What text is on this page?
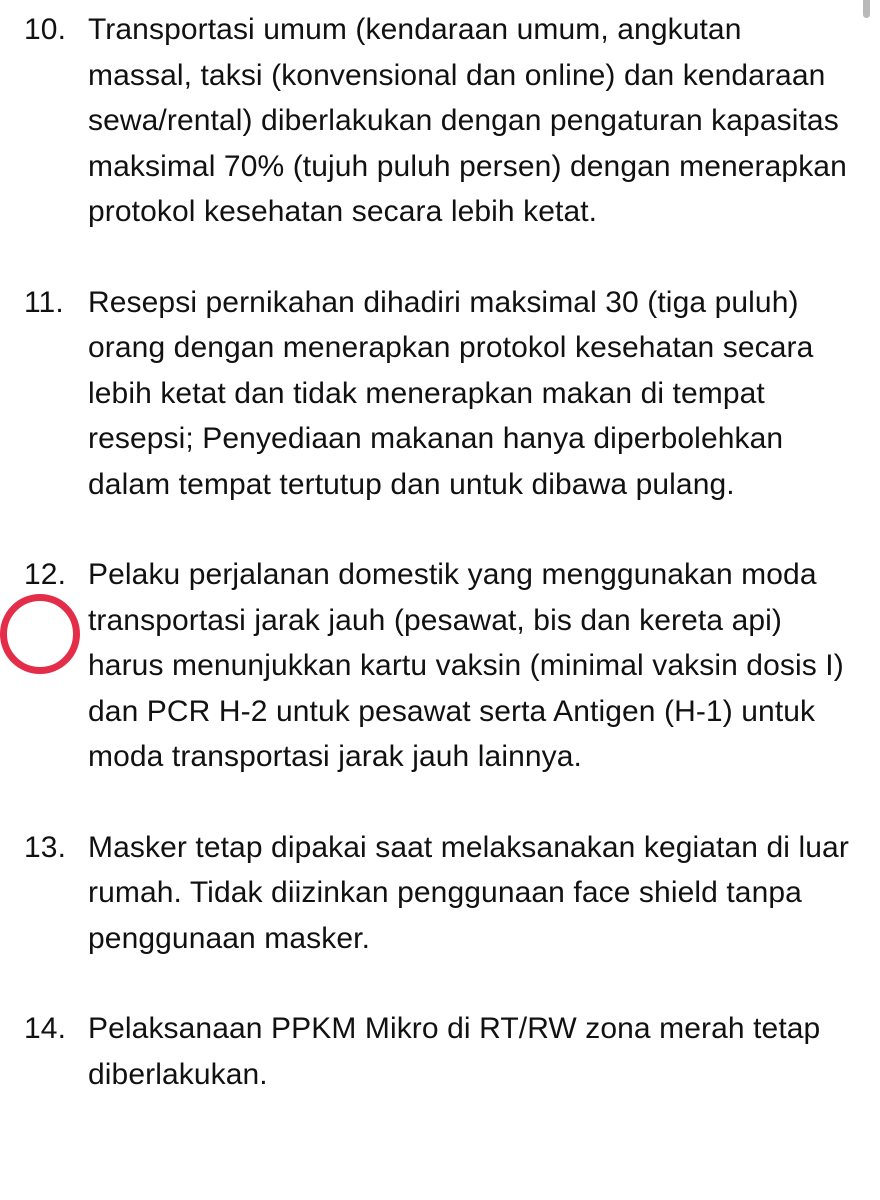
10. Transportasi umum (kendaraan umum, angkutan massal, taksi (konvensional dan online) dan kendaraan sewa/rental) diberlakukan dengan pengaturan kapasitas maksimal 70% (tujuh puluh persen) dengan menerapkan protokol kesehatan secara lebih ketat.
11. Resepsi pernikahan dihadiri maksimal 30 (tiga puluh) orang dengan menerapkan protokol kesehatan secara lebih ketat dan tidak menerapkan makan di tempat resepsi; Penyediaan makanan hanya diperbolehkan dalam tempat tertutup dan untuk dibawa pulang.
12. Pelaku perjalanan domestik yang menggunakan moda transportasi jarak jauh (pesawat, bis dan kereta api) harus menunjukkan kartu vaksin (minimal vaksin dosis I) dan PCR H-2 untuk pesawat serta Antigen (H-1) untuk moda transportasi jarak jauh lainnya.
13. Masker tetap dipakai saat melaksanakan kegiatan di luar rumah. Tidak diizinkan penggunaan face shield tanpa penggunaan masker.
14. Pelaksanaan PPKM Mikro di RT/RW zona merah tetap diberlakukan.
